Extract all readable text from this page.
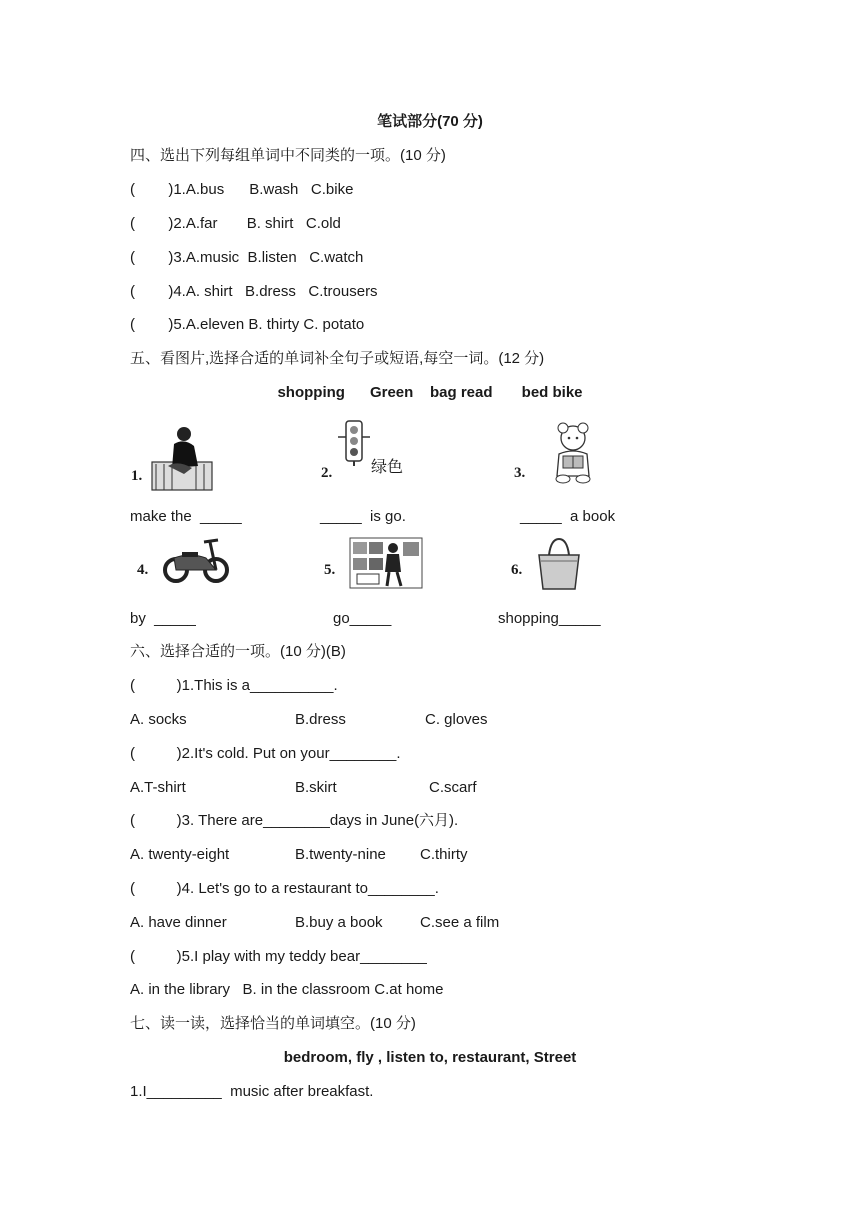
笔试部分(70 分)
四、选出下列每组单词中不同类的一项。(10 分)
(        )1.A.bus      B.wash   C.bike
(        )2.A.far       B. shirt   C.old
(        )3.A.music  B.listen   C.watch
(        )4.A. shirt   B.dress   C.trousers
(        )5.A.eleven B. thirty C. potato
五、看图片,选择合适的单词补全句子或短语,每空一词。(12 分)
shopping      Green    bag read       bed bike
1.	2. 绿色	3.
make the  _____	_____  is go.	_____  a book
4.	5.	6.
by  _____	go_____	shopping_____
六、选择合适的一项。(10 分)(B)
(          )1.This is a__________.
A. socks	B.dress	C. gloves
(          )2.It's cold. Put on your________.
A.T-shirt	B.skirt	C.scarf
(          )3. There are________days in June(六月).
A. twenty-eight	B.twenty-nine C.thirty
(          )4. Let's go to a restaurant to________.
A. have dinner	B.buy a book C.see a film
(          )5.I play with my teddy bear________
A. in the library   B. in the classroom C.at home
七、读一读，选择恰当的单词填空。(10 分)
bedroom, fly , listen to, restaurant, Street
1.I_________  music after breakfast.
